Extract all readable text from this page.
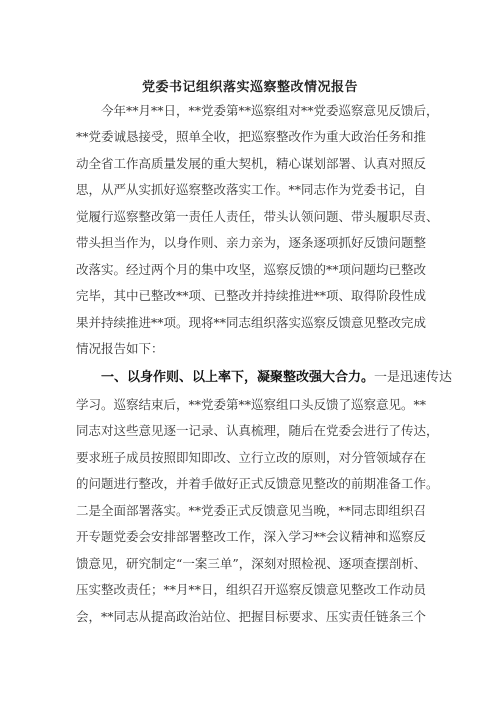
党委书记组织落实巡察整改情况报告
今年**月**日，**党委第**巡察组对**党委巡察意见反馈后，
**党委诚恳接受，照单全收，把巡察整改作为重大政治任务和推
动全省工作高质量发展的重大契机，精心谋划部署、认真对照反
思，从严从实抓好巡察整改落实工作。**同志作为党委书记，自
觉履行巡察整改第一责任人责任，带头认领问题、带头履职尽责、
带头担当作为，以身作则、亲力亲为，逐条逐项抓好反馈问题整
改落实。经过两个月的集中攻坚，巡察反馈的**项问题均已整改
完毕，其中已整改**项、已整改并持续推进**项、取得阶段性成
果并持续推进**项。现将**同志组织落实巡察反馈意见整改完成
情况报告如下：
一、以身作则、以上率下，凝聚整改强大合力。一是迅速传达
学习。巡察结束后，**党委第**巡察组口头反馈了巡察意见。**
同志对这些意见逐一记录、认真梳理，随后在党委会进行了传达，
要求班子成员按照即知即改、立行立改的原则，对分管领域存在
的问题进行整改，并着手做好正式反馈意见整改的前期准备工作。
二是全面部署落实。**党委正式反馈意见当晚，**同志即组织召
开专题党委会安排部署整改工作，深入学习**会议精神和巡察反
馈意见，研究制定“一案三单”，深刻对照检视、逐项查摆剖析、
压实整改责任；**月**日，组织召开巡察反馈意见整改工作动员
会，**同志从提高政治站位、把握目标要求、压实责任链条三个
